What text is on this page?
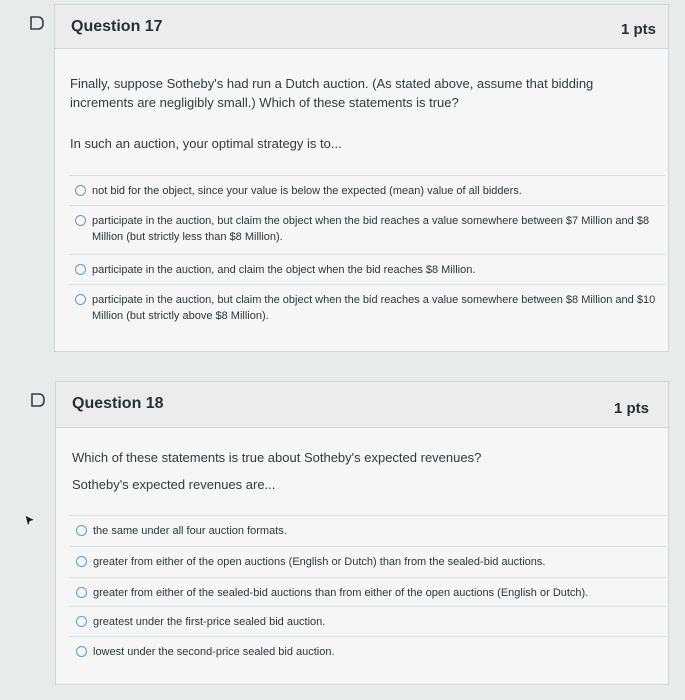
Question 17	1 pts
Finally, suppose Sotheby's had run a Dutch auction. (As stated above, assume that bidding increments are negligibly small.) Which of these statements is true?
In such an auction, your optimal strategy is to...
not bid for the object, since your value is below the expected (mean) value of all bidders.
participate in the auction, but claim the object when the bid reaches a value somewhere between $7 Million and $8 Million (but strictly less than $8 Million).
participate in the auction, and claim the object when the bid reaches $8 Million.
participate in the auction, but claim the object when the bid reaches a value somewhere between $8 Million and $10 Million (but strictly above $8 Million).
Question 18	1 pts
Which of these statements is true about Sotheby's expected revenues?
Sotheby's expected revenues are...
the same under all four auction formats.
greater from either of the open auctions (English or Dutch) than from the sealed-bid auctions.
greater from either of the sealed-bid auctions than from either of the open auctions (English or Dutch).
greatest under the first-price sealed bid auction.
lowest under the second-price sealed bid auction.
